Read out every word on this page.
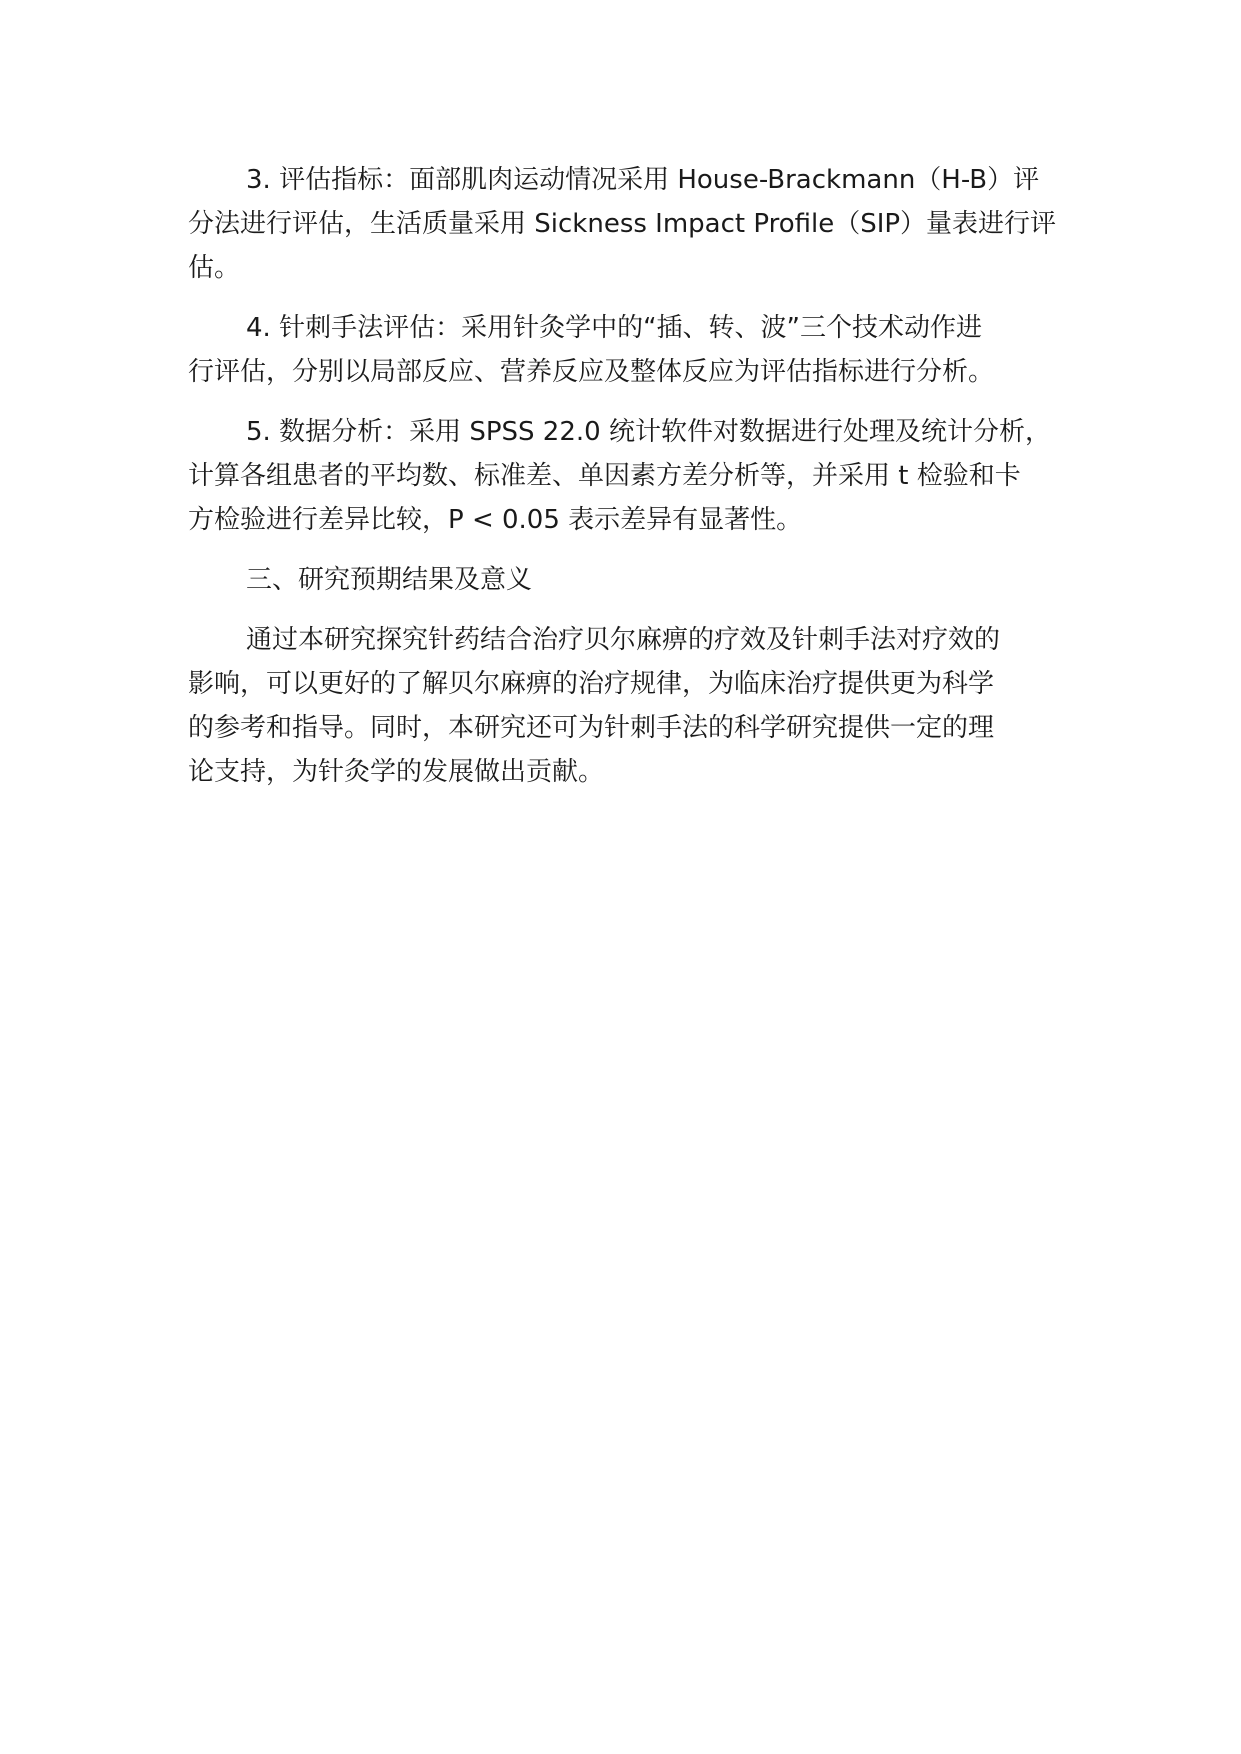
3. 评估指标：面部肌肉运动情况采用 House-Brackmann（H-B）评
分法进行评估，生活质量采用 Sickness Impact Profile（SIP）量表进行评
估。
4. 针刺手法评估：采用针灸学中的“插、转、波”三个技术动作进
行评估，分别以局部反应、营养反应及整体反应为评估指标进行分析。
5. 数据分析：采用 SPSS 22.0 统计软件对数据进行处理及统计分析，
计算各组患者的平均数、标准差、单因素方差分析等，并采用 t 检验和卡
方检验进行差异比较，P < 0.05 表示差异有显著性。
三、研究预期结果及意义
通过本研究探究针药结合治疗贝尔麻痹的疗效及针刺手法对疗效的
影响，可以更好的了解贝尔麻痹的治疗规律，为临床治疗提供更为科学
的参考和指导。同时，本研究还可为针刺手法的科学研究提供一定的理
论支持，为针灸学的发展做出贡献。
